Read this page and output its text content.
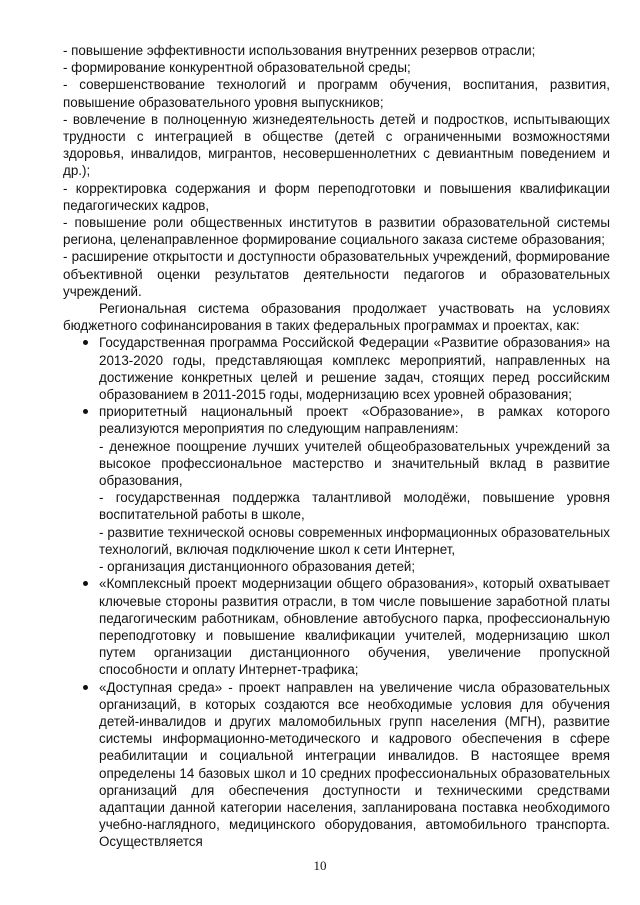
- повышение эффективности использования внутренних резервов отрасли;

- формирование конкурентной образовательной среды;

- совершенствование технологий и программ обучения, воспитания, развития, повышение образовательного уровня выпускников;

- вовлечение в полноценную жизнедеятельность детей и подростков, испытывающих трудности с интеграцией в обществе (детей с ограниченными возможностями здоровья, инвалидов, мигрантов, несовершеннолетних с девиантным поведением и др.);

- корректировка содержания и форм переподготовки и повышения квалификации педагогических кадров,

- повышение роли общественных институтов в развитии образовательной системы региона, целенаправленное формирование социального заказа системе образования;

- расширение открытости и доступности образовательных учреждений, формирование объективной оценки результатов деятельности педагогов и образовательных учреждений.

Региональная система образования продолжает участвовать на условиях бюджетного софинансирования в таких федеральных программах и проектах, как:

Государственная программа Российской Федерации «Развитие образования» на 2013-2020 годы, представляющая комплекс мероприятий, направленных на достижение конкретных целей и решение задач, стоящих перед российским образованием в 2011-2015 годы, модернизацию всех уровней образования;

приоритетный национальный проект «Образование», в рамках которого реализуются мероприятия по следующим направлениям:

- денежное поощрение лучших учителей общеобразовательных учреждений за высокое профессиональное мастерство и значительный вклад в развитие образования,

- государственная поддержка талантливой молодёжи, повышение уровня воспитательной работы в школе,

- развитие технической основы современных информационных образовательных технологий, включая подключение школ к сети Интернет,

- организация дистанционного образования детей;

«Комплексный проект модернизации общего образования», который охватывает ключевые стороны развития отрасли, в том числе повышение заработной платы педагогическим работникам, обновление автобусного парка, профессиональную переподготовку и повышение квалификации учителей, модернизацию школ путем организации дистанционного обучения, увеличение пропускной способности и оплату Интернет-трафика;

«Доступная среда» - проект направлен на увеличение числа образовательных организаций, в которых создаются все необходимые условия для обучения детей-инвалидов и других маломобильных групп населения (МГН), развитие системы информационно-методического и кадрового обеспечения в сфере реабилитации и социальной интеграции инвалидов. В настоящее время определены 14 базовых школ и 10 средних профессиональных образовательных организаций для обеспечения доступности и техническими средствами адаптации данной категории населения, запланирована поставка необходимого учебно-наглядного, медицинского оборудования, автомобильного транспорта. Осуществляется

10
